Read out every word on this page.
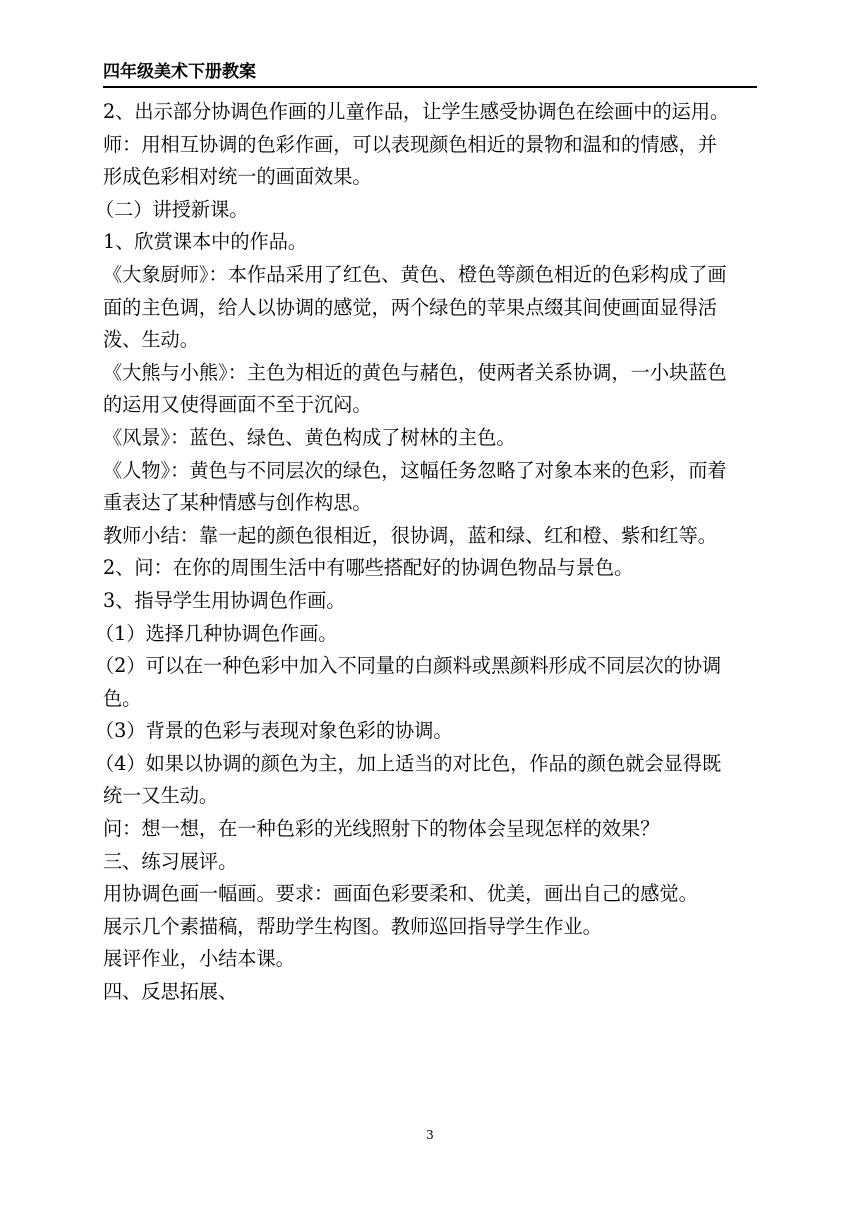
四年级美术下册教案
2、出示部分协调色作画的儿童作品，让学生感受协调色在绘画中的运用。
师：用相互协调的色彩作画，可以表现颜色相近的景物和温和的情感，并
形成色彩相对统一的画面效果。
（二）讲授新课。
1、欣赏课本中的作品。
《大象厨师》：本作品采用了红色、黄色、橙色等颜色相近的色彩构成了画
面的主色调，给人以协调的感觉，两个绿色的苹果点缀其间使画面显得活
泼、生动。
《大熊与小熊》：主色为相近的黄色与赭色，使两者关系协调，一小块蓝色
的运用又使得画面不至于沉闷。
《风景》：蓝色、绿色、黄色构成了树林的主色。
《人物》：黄色与不同层次的绿色，这幅任务忽略了对象本来的色彩，而着
重表达了某种情感与创作构思。
教师小结：靠一起的颜色很相近，很协调，蓝和绿、红和橙、紫和红等。
2、问：在你的周围生活中有哪些搭配好的协调色物品与景色。
3、指导学生用协调色作画。
（1）选择几种协调色作画。
（2）可以在一种色彩中加入不同量的白颜料或黑颜料形成不同层次的协调
色。
（3）背景的色彩与表现对象色彩的协调。
（4）如果以协调的颜色为主，加上适当的对比色，作品的颜色就会显得既
统一又生动。
问：想一想，在一种色彩的光线照射下的物体会呈现怎样的效果？
三、练习展评。
用协调色画一幅画。要求：画面色彩要柔和、优美，画出自己的感觉。
展示几个素描稿，帮助学生构图。教师巡回指导学生作业。
展评作业，小结本课。
四、反思拓展、
3
